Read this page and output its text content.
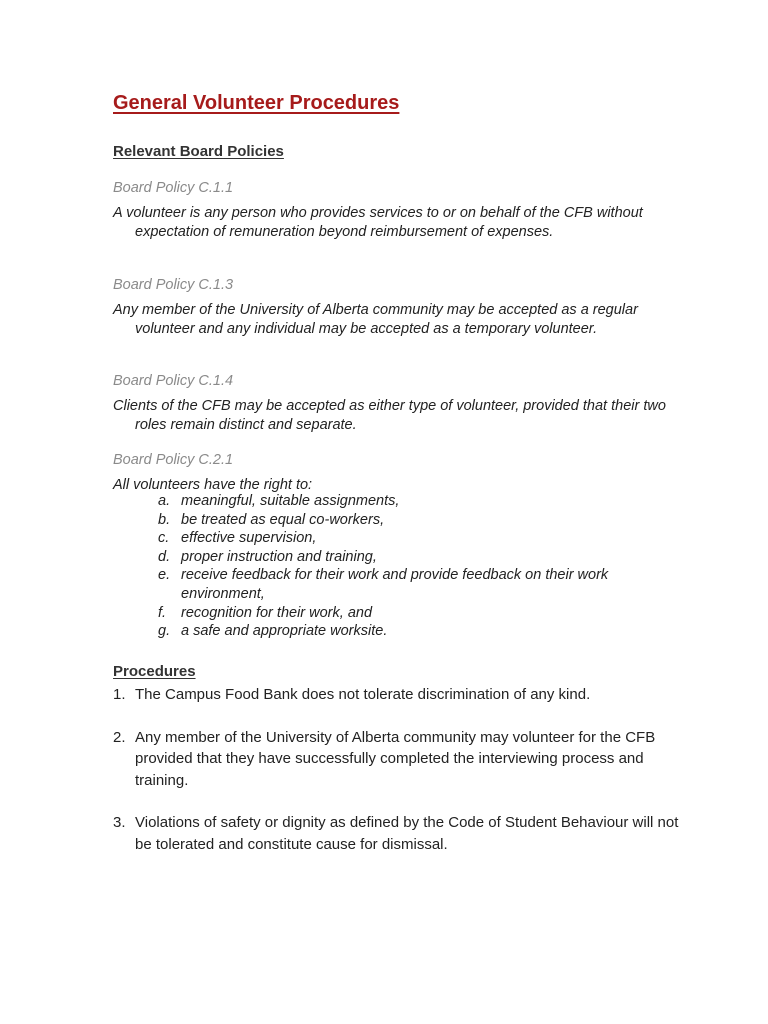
General Volunteer Procedures
Relevant Board Policies

Board Policy C.1.1

A volunteer is any person who provides services to or on behalf of the CFB without expectation of remuneration beyond reimbursement of expenses.

Board Policy C.1.3

Any member of the University of Alberta community may be accepted as a regular volunteer and any individual may be accepted as a temporary volunteer.

Board Policy C.1.4

Clients of the CFB may be accepted as either type of volunteer, provided that their two roles remain distinct and separate.

Board Policy C.2.1

All volunteers have the right to:

a. meaningful, suitable assignments,
b. be treated as equal co-workers,
c. effective supervision,
d. proper instruction and training,
e. receive feedback for their work and provide feedback on their work environment,
f. recognition for their work, and
g. a safe and appropriate worksite.
Procedures
1. The Campus Food Bank does not tolerate discrimination of any kind.
2. Any member of the University of Alberta community may volunteer for the CFB provided that they have successfully completed the interviewing process and training.
3. Violations of safety or dignity as defined by the Code of Student Behaviour will not be tolerated and constitute cause for dismissal.
